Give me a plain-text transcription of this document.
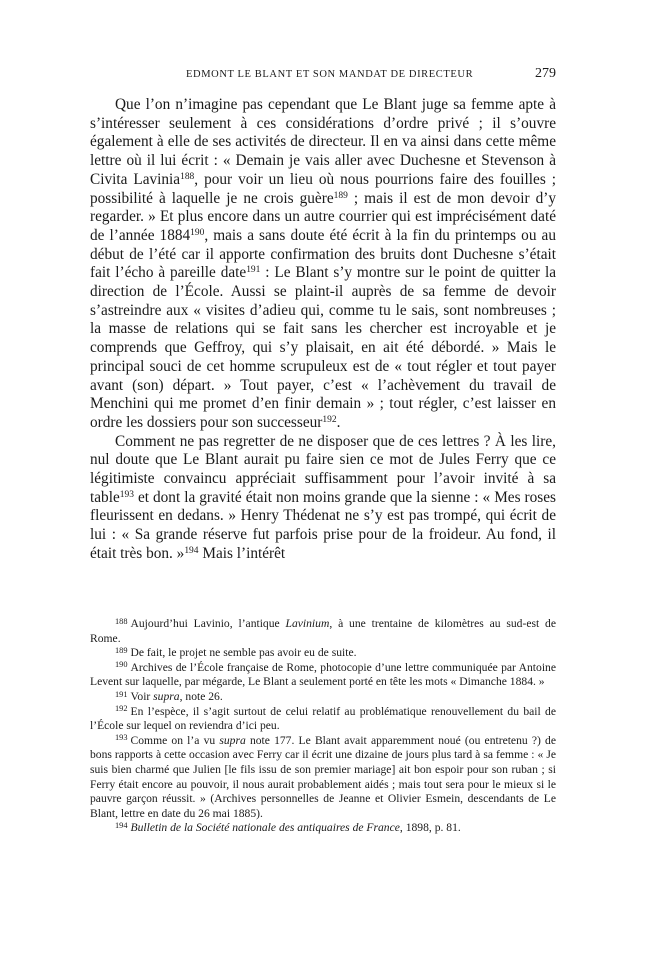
EDMONT LE BLANT ET SON MANDAT DE DIRECTEUR	279

Que l’on n’imagine pas cependant que Le Blant juge sa femme apte à s’intéresser seulement à ces considérations d’ordre privé ; il s’ouvre également à elle de ses activités de directeur. Il en va ainsi dans cette même lettre où il lui écrit : « Demain je vais aller avec Duchesne et Stevenson à Civita Lavinia$^{188}$, pour voir un lieu où nous pourrions faire des fouilles ; possibilité à laquelle je ne crois guère$^{189}$ ; mais il est de mon devoir d’y regarder. » Et plus encore dans un autre courrier qui est imprécisément daté de l’année 1884$^{190}$, mais a sans doute été écrit à la fin du printemps ou au début de l’été car il apporte confirmation des bruits dont Duchesne s’était fait l’écho à pareille date$^{191}$ : Le Blant s’y montre sur le point de quitter la direction de l’École. Aussi se plaint-il auprès de sa femme de devoir s’astreindre aux « visites d’adieu qui, comme tu le sais, sont nombreuses ; la masse de relations qui se fait sans les chercher est incroyable et je comprends que Geffroy, qui s’y plaisait, en ait été débordé. » Mais le principal souci de cet homme scrupuleux est de « tout régler et tout payer avant (son) départ. » Tout payer, c’est « l’achèvement du travail de Menchini qui me promet d’en finir demain » ; tout régler, c’est laisser en ordre les dossiers pour son successeur$^{192}$.

Comment ne pas regretter de ne disposer que de ces lettres ? À les lire, nul doute que Le Blant aurait pu faire sien ce mot de Jules Ferry que ce légitimiste convaincu appréciait suffisamment pour l’avoir invité à sa table$^{193}$ et dont la gravité était non moins grande que la sienne : « Mes roses fleurissent en dedans. » Henry Thédenat ne s’y est pas trompé, qui écrit de lui : « Sa grande réserve fut parfois prise pour de la froideur. Au fond, il était très bon. »$^{194}$ Mais l’intérêt

$^{188}$ Aujourd’hui Lavinio, l’antique Lavinium, à une trentaine de kilomètres au sud-est de Rome.

$^{189}$ De fait, le projet ne semble pas avoir eu de suite.

$^{190}$ Archives de l’École française de Rome, photocopie d’une lettre communiquée par Antoine Levent sur laquelle, par mégarde, Le Blant a seulement porté en tête les mots « Dimanche 1884. »

$^{191}$ Voir supra, note 26.

$^{192}$ En l’espèce, il s’agit surtout de celui relatif au problématique renouvellement du bail de l’École sur lequel on reviendra d’ici peu.

$^{193}$ Comme on l’a vu supra note 177. Le Blant avait apparemment noué (ou entretenu ?) de bons rapports à cette occasion avec Ferry car il écrit une dizaine de jours plus tard à sa femme : « Je suis bien charmé que Julien [le fils issu de son premier mariage] ait bon espoir pour son ruban ; si Ferry était encore au pouvoir, il nous aurait probablement aidés ; mais tout sera pour le mieux si le pauvre garçon réussit. » (Archives personnelles de Jeanne et Olivier Esmein, descendants de Le Blant, lettre en date du 26 mai 1885).

$^{194}$ Bulletin de la Société nationale des antiquaires de France, 1898, p. 81.
